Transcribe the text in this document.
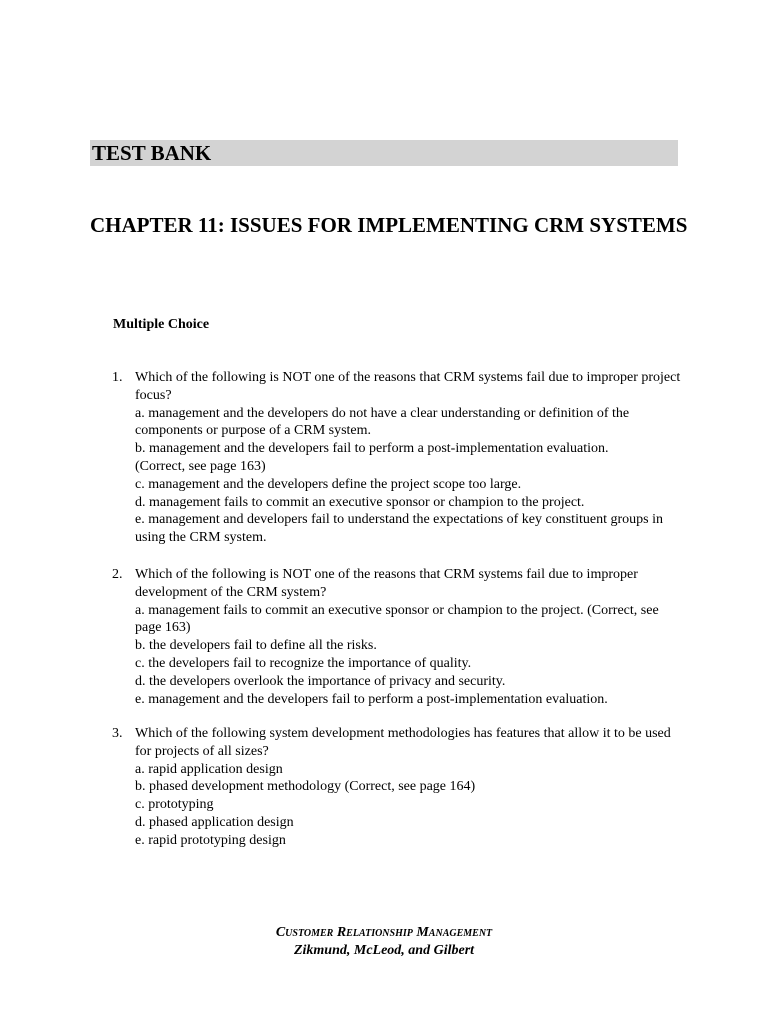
TEST BANK
CHAPTER 11: ISSUES FOR IMPLEMENTING CRM SYSTEMS
Multiple Choice
1. Which of the following is NOT one of the reasons that CRM systems fail due to improper project focus?
a. management and the developers do not have a clear understanding or definition of the components or purpose of a CRM system.
b. management and the developers fail to perform a post-implementation evaluation.
(Correct, see page 163)
c. management and the developers define the project scope too large.
d. management fails to commit an executive sponsor or champion to the project.
e. management and developers fail to understand the expectations of key constituent groups in using the CRM system.
2. Which of the following is NOT one of the reasons that CRM systems fail due to improper development of the CRM system?
a. management fails to commit an executive sponsor or champion to the project. (Correct, see page 163)
b. the developers fail to define all the risks.
c. the developers fail to recognize the importance of quality.
d. the developers overlook the importance of privacy and security.
e. management and the developers fail to perform a post-implementation evaluation.
3. Which of the following system development methodologies has features that allow it to be used for projects of all sizes?
a. rapid application design
b. phased development methodology (Correct, see page 164)
c. prototyping
d. phased application design
e. rapid prototyping design
Customer Relationship Management
Zikmund, McLeod, and Gilbert
